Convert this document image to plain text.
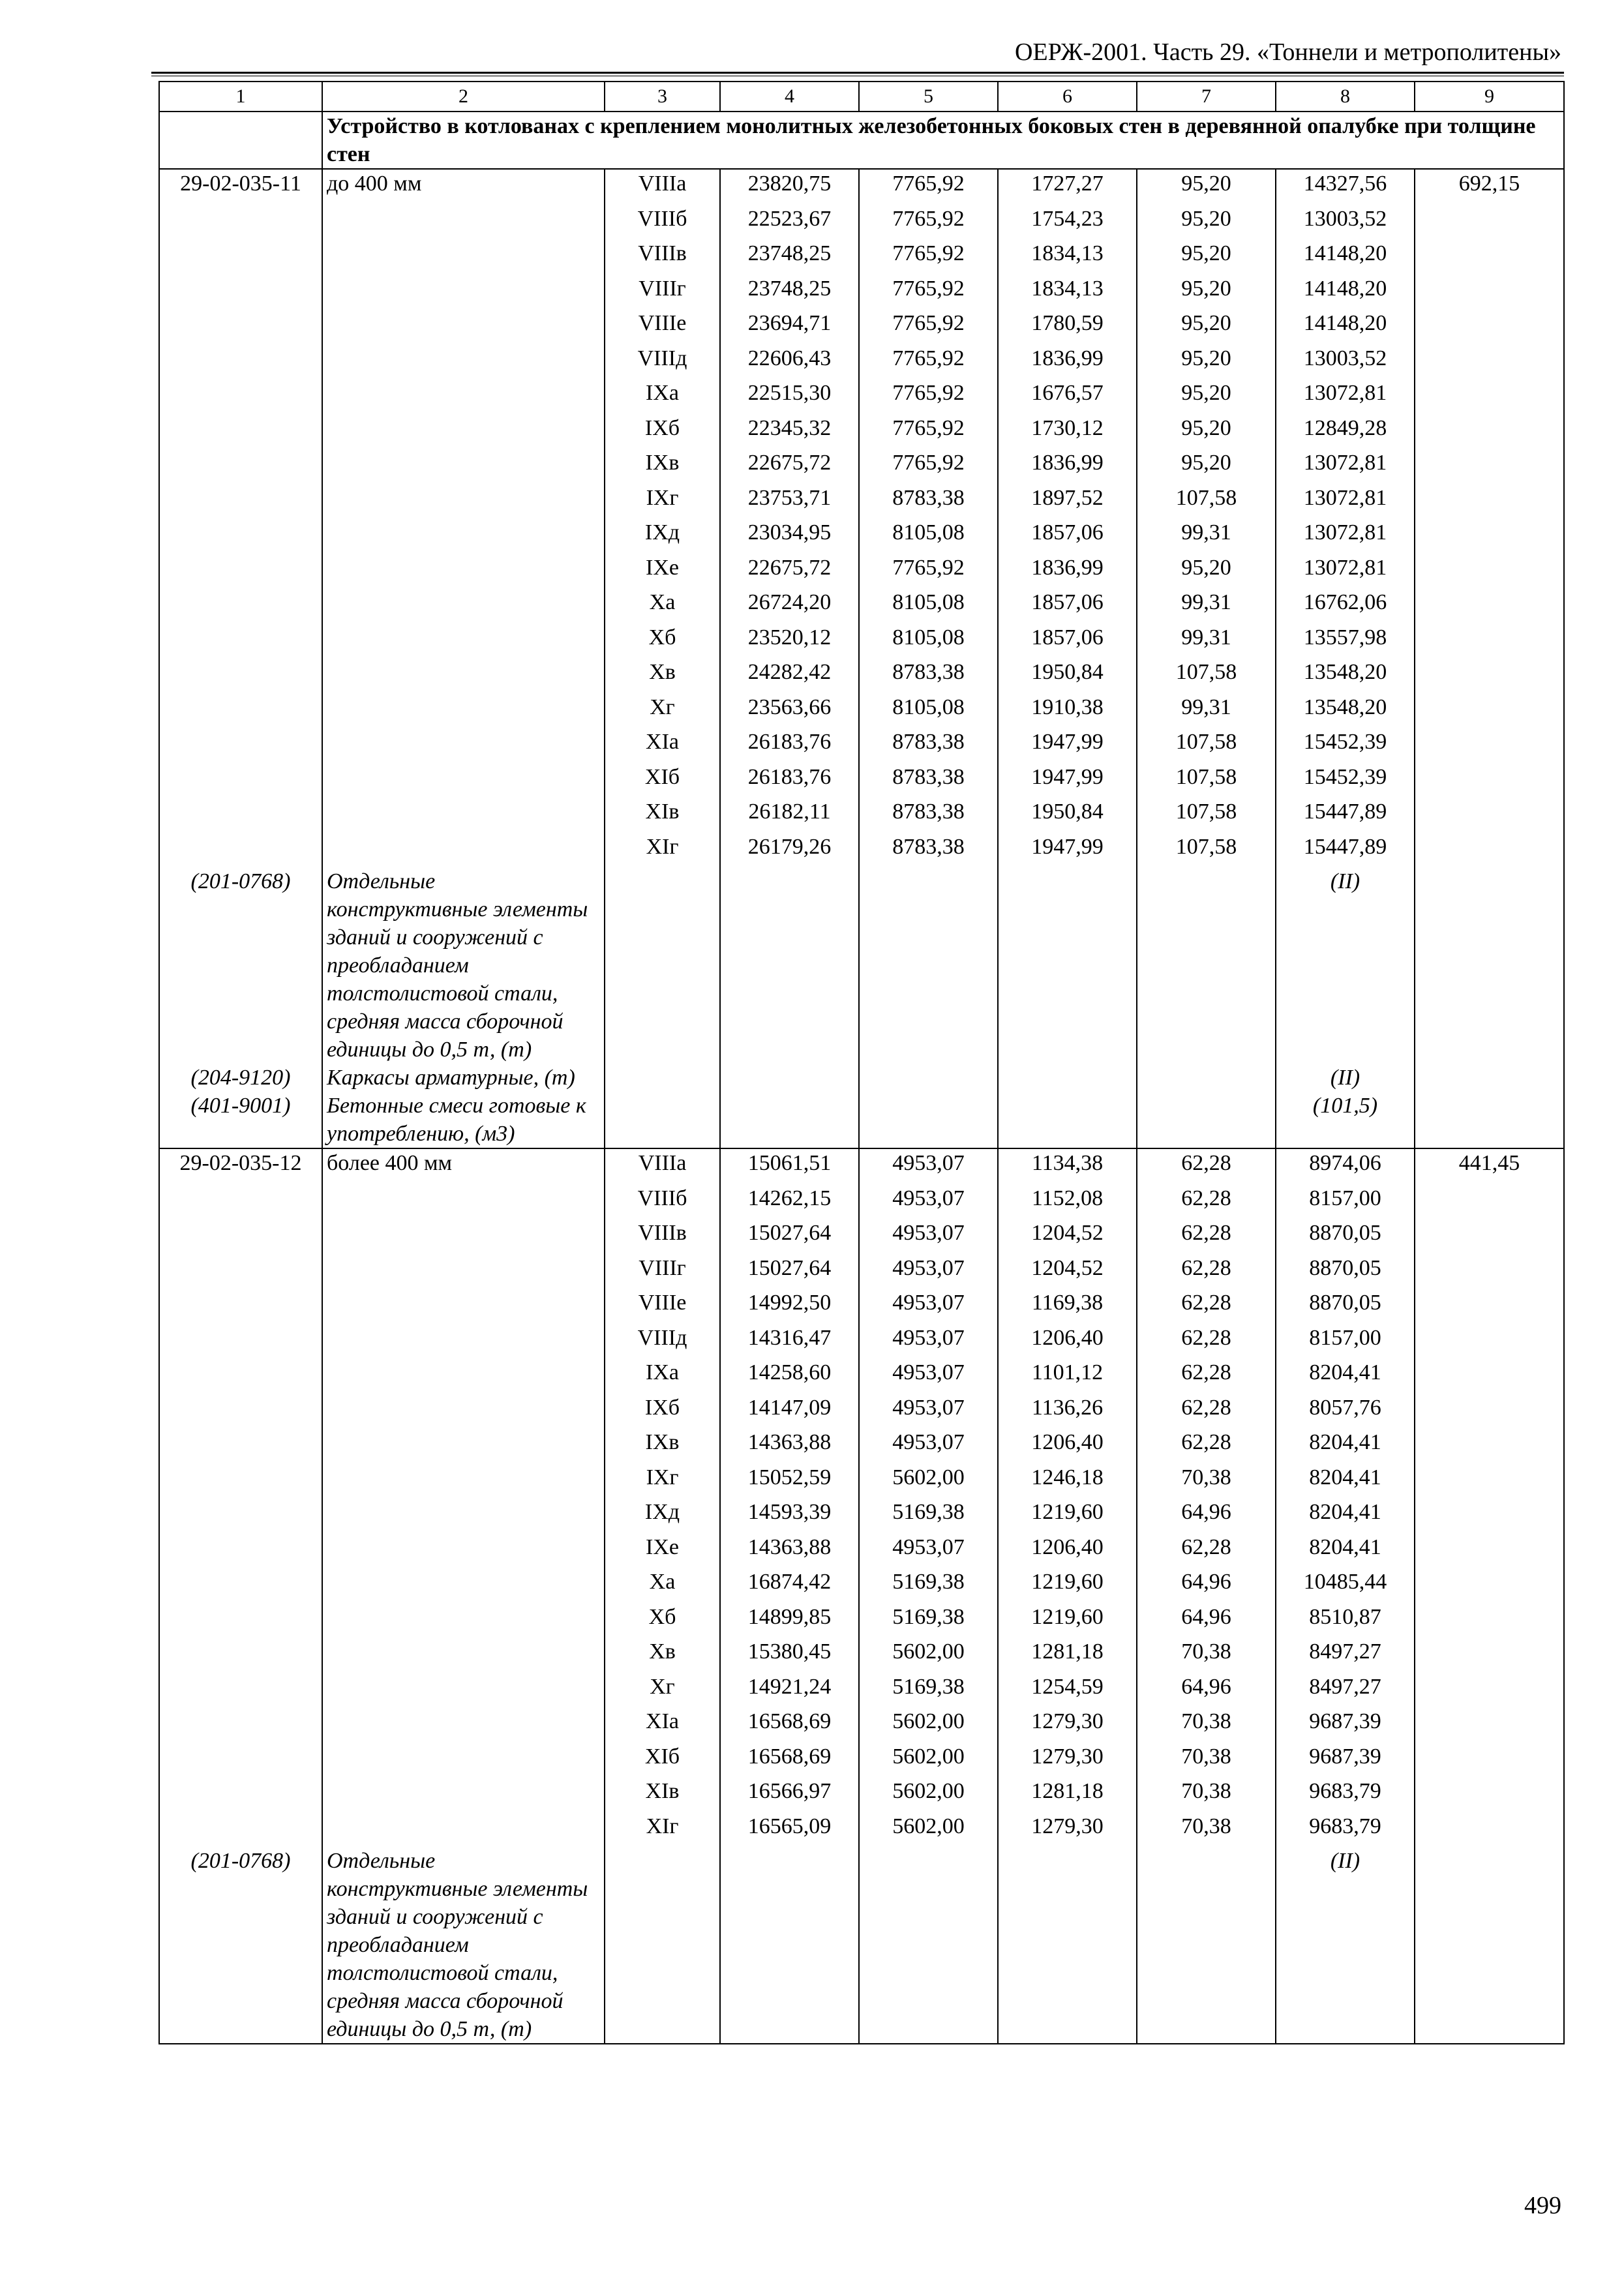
ОЕРЖ-2001. Часть 29. «Тоннели и метрополитены»
1	2	3	4	5	6	7	8	9
	Устройство в котлованах с креплением монолитных железобетонных боковых стен в деревянной опалубке при толщине стен							
29-02-035-11	до 400 мм	VIIIа	23820,75	7765,92	1727,27	95,20	14327,56	692,15
		VIIIб	22523,67	7765,92	1754,23	95,20	13003,52	
		VIIIв	23748,25	7765,92	1834,13	95,20	14148,20	
		VIIIг	23748,25	7765,92	1834,13	95,20	14148,20	
		VIIIе	23694,71	7765,92	1780,59	95,20	14148,20	
		VIIIд	22606,43	7765,92	1836,99	95,20	13003,52	
		IXа	22515,30	7765,92	1676,57	95,20	13072,81	
		IXб	22345,32	7765,92	1730,12	95,20	12849,28	
		IXв	22675,72	7765,92	1836,99	95,20	13072,81	
		IXг	23753,71	8783,38	1897,52	107,58	13072,81	
		IXд	23034,95	8105,08	1857,06	99,31	13072,81	
		IXе	22675,72	7765,92	1836,99	95,20	13072,81	
		Xа	26724,20	8105,08	1857,06	99,31	16762,06	
		Xб	23520,12	8105,08	1857,06	99,31	13557,98	
		Xв	24282,42	8783,38	1950,84	107,58	13548,20	
		Xг	23563,66	8105,08	1910,38	99,31	13548,20	
		XIа	26183,76	8783,38	1947,99	107,58	15452,39	
		XIб	26183,76	8783,38	1947,99	107,58	15452,39	
		XIв	26182,11	8783,38	1950,84	107,58	15447,89	
		XIг	26179,26	8783,38	1947,99	107,58	15447,89	
(201-0768)	Отдельные конструктивные элементы зданий и сооружений с преобладанием толстолистовой стали, средняя масса сборочной единицы до 0,5 т, (т)						(II)	
(204-9120)	Каркасы арматурные, (т)						(II)	
(401-9001)	Бетонные смеси готовые к употреблению, (м3)						(101,5)	
29-02-035-12	более 400 мм	VIIIа	15061,51	4953,07	1134,38	62,28	8974,06	441,45
		VIIIб	14262,15	4953,07	1152,08	62,28	8157,00	
		VIIIв	15027,64	4953,07	1204,52	62,28	8870,05	
		VIIIг	15027,64	4953,07	1204,52	62,28	8870,05	
		VIIIе	14992,50	4953,07	1169,38	62,28	8870,05	
		VIIIд	14316,47	4953,07	1206,40	62,28	8157,00	
		IXа	14258,60	4953,07	1101,12	62,28	8204,41	
		IXб	14147,09	4953,07	1136,26	62,28	8057,76	
		IXв	14363,88	4953,07	1206,40	62,28	8204,41	
		IXг	15052,59	5602,00	1246,18	70,38	8204,41	
		IXд	14593,39	5169,38	1219,60	64,96	8204,41	
		IXе	14363,88	4953,07	1206,40	62,28	8204,41	
		Xа	16874,42	5169,38	1219,60	64,96	10485,44	
		Xб	14899,85	5169,38	1219,60	64,96	8510,87	
		Xв	15380,45	5602,00	1281,18	70,38	8497,27	
		Xг	14921,24	5169,38	1254,59	64,96	8497,27	
		XIа	16568,69	5602,00	1279,30	70,38	9687,39	
		XIб	16568,69	5602,00	1279,30	70,38	9687,39	
		XIв	16566,97	5602,00	1281,18	70,38	9683,79	
		XIг	16565,09	5602,00	1279,30	70,38	9683,79	
(201-0768)	Отдельные конструктивные элементы зданий и сооружений с преобладанием толстолистовой стали, средняя масса сборочной единицы до 0,5 т, (т)						(II)	
499
